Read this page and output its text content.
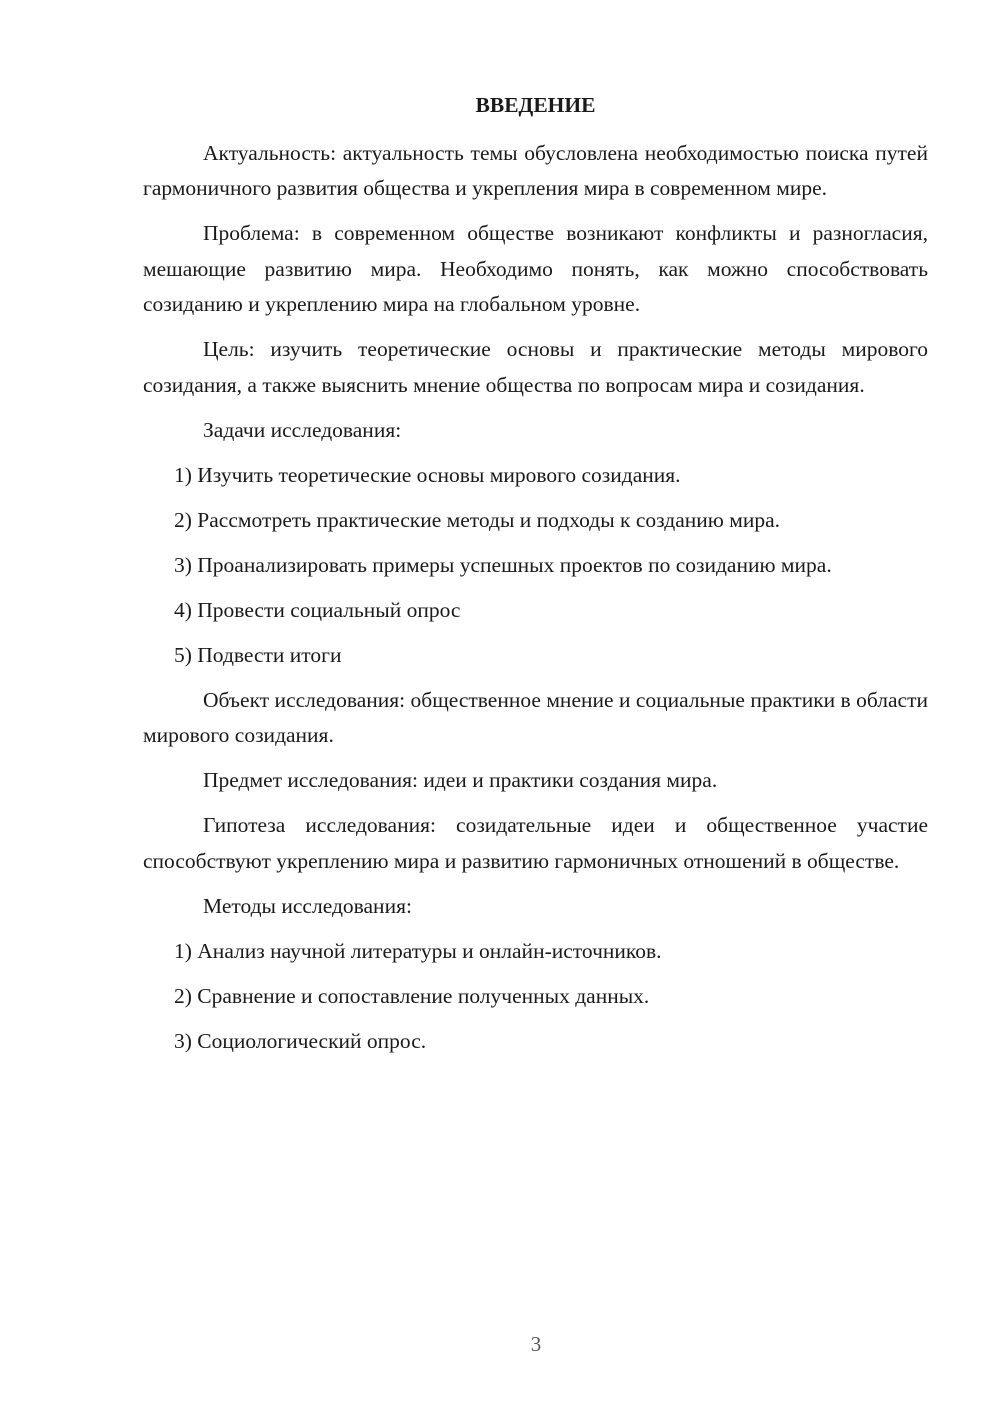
ВВЕДЕНИЕ
Актуальность: актуальность темы обусловлена необходимостью поиска путей гармоничного развития общества и укрепления мира в современном мире.
Проблема: в современном обществе возникают конфликты и разногласия, мешающие развитию мира. Необходимо понять, как можно способствовать созиданию и укреплению мира на глобальном уровне.
Цель: изучить теоретические основы и практические методы мирового созидания, а также выяснить мнение общества по вопросам мира и созидания.
Задачи исследования:
1) Изучить теоретические основы мирового созидания.
2) Рассмотреть практические методы и подходы к созданию мира.
3) Проанализировать примеры успешных проектов по созиданию мира.
4) Провести социальный опрос
5) Подвести итоги
Объект исследования: общественное мнение и социальные практики в области мирового созидания.
Предмет исследования: идеи и практики создания мира.
Гипотеза исследования: созидательные идеи и общественное участие способствуют укреплению мира и развитию гармоничных отношений в обществе.
Методы исследования:
1) Анализ научной литературы и онлайн-источников.
2) Сравнение и сопоставление полученных данных.
3) Социологический опрос.
3
